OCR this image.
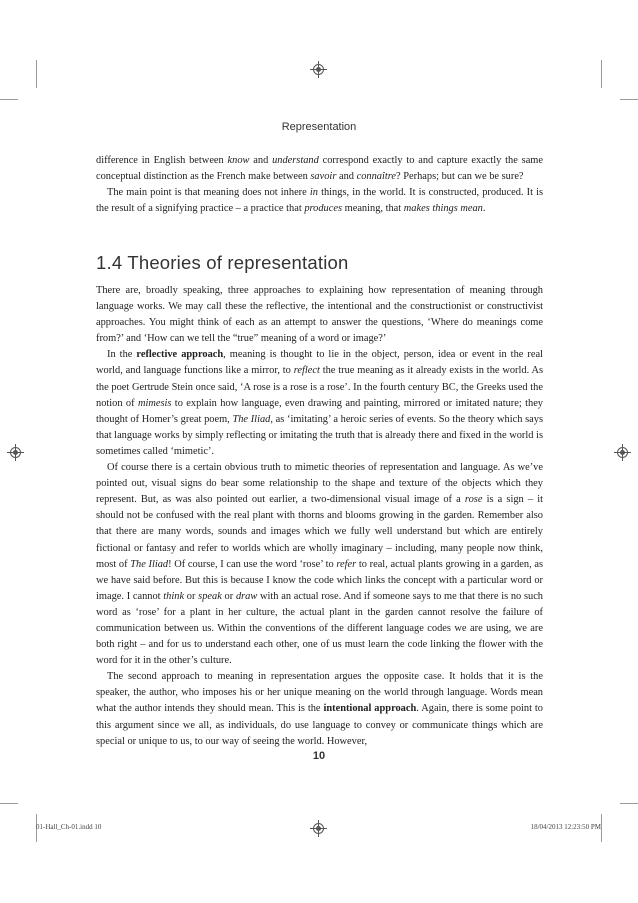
Representation

difference in English between know and understand correspond exactly to and capture exactly the same conceptual distinction as the French make between savoir and connaître? Perhaps; but can we be sure?

The main point is that meaning does not inhere in things, in the world. It is constructed, produced. It is the result of a signifying practice – a practice that produces meaning, that makes things mean.

1.4 Theories of representation

There are, broadly speaking, three approaches to explaining how representation of meaning through language works. We may call these the reflective, the intentional and the constructionist or constructivist approaches. You might think of each as an attempt to answer the questions, ‘Where do meanings come from?’ and ‘How can we tell the “true” meaning of a word or image?’

In the reflective approach, meaning is thought to lie in the object, person, idea or event in the real world, and language functions like a mirror, to reflect the true meaning as it already exists in the world. As the poet Gertrude Stein once said, ‘A rose is a rose is a rose’. In the fourth century BC, the Greeks used the notion of mimesis to explain how language, even drawing and painting, mirrored or imitated nature; they thought of Homer’s great poem, The Iliad, as ‘imitating’ a heroic series of events. So the theory which says that language works by simply reflecting or imitating the truth that is already there and fixed in the world is sometimes called ‘mimetic’.

Of course there is a certain obvious truth to mimetic theories of representation and language. As we’ve pointed out, visual signs do bear some relationship to the shape and texture of the objects which they represent. But, as was also pointed out earlier, a two-dimensional visual image of a rose is a sign – it should not be confused with the real plant with thorns and blooms growing in the garden. Remember also that there are many words, sounds and images which we fully well understand but which are entirely fictional or fantasy and refer to worlds which are wholly imaginary – including, many people now think, most of The Iliad! Of course, I can use the word ‘rose’ to refer to real, actual plants growing in a garden, as we have said before. But this is because I know the code which links the concept with a particular word or image. I cannot think or speak or draw with an actual rose. And if someone says to me that there is no such word as ‘rose’ for a plant in her culture, the actual plant in the garden cannot resolve the failure of communication between us. Within the conventions of the different language codes we are using, we are both right – and for us to understand each other, one of us must learn the code linking the flower with the word for it in the other’s culture.

The second approach to meaning in representation argues the opposite case. It holds that it is the speaker, the author, who imposes his or her unique meaning on the world through language. Words mean what the author intends they should mean. This is the intentional approach. Again, there is some point to this argument since we all, as individuals, do use language to convey or communicate things which are special or unique to us, to our way of seeing the world. However,

10
01-Hall_Ch-01.indd 10	18/04/2013 12:23:50 PM
